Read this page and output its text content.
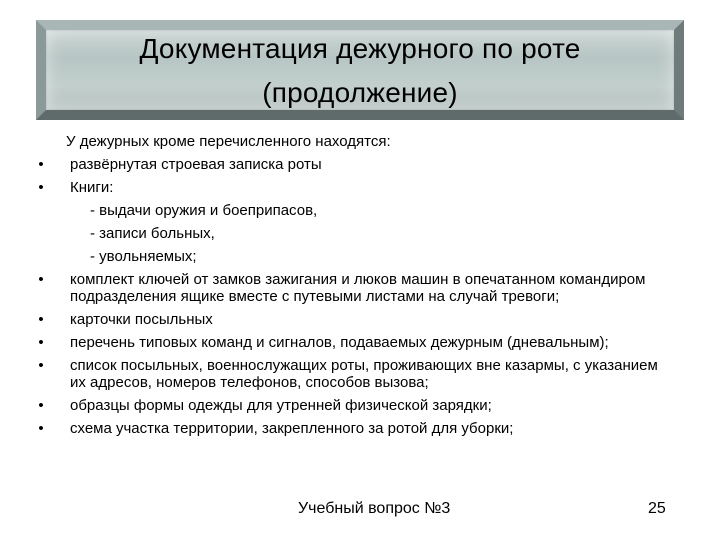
Документация дежурного по роте
(продолжение)
У дежурных кроме перечисленного находятся:
• развёрнутая строевая записка роты
• Книги:
- выдачи оружия и боеприпасов,
- записи больных,
- увольняемых;
• комплект ключей от замков зажигания и люков машин в опечатанном командиром подразделения ящике вместе с путевыми листами на случай тревоги;
• карточки посыльных
• перечень типовых команд и сигналов, подаваемых дежурным (дневальным);
• список посыльных, военнослужащих роты, проживающих вне казармы, с указанием их адресов, номеров телефонов, способов вызова;
• образцы формы одежды для утренней физической зарядки;
• схема участка территории, закрепленного за ротой для уборки;
Учебный вопрос №3	25
